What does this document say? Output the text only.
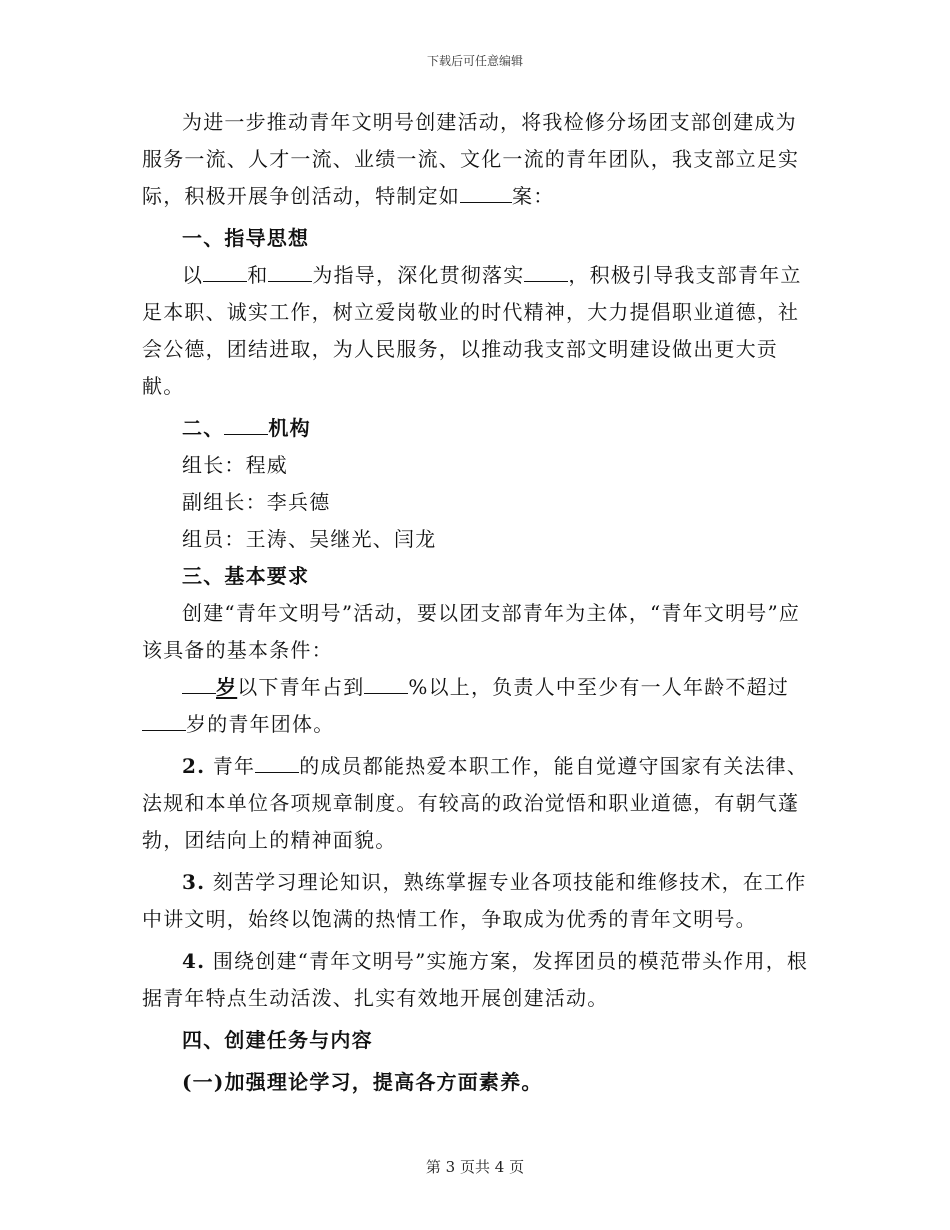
下载后可任意编辑

为进一步推动青年文明号创建活动，将我检修分场团支部创建成为服务一流、人才一流、业绩一流、文化一流的青年团队，我支部立足实际，积极开展争创活动，特制定如	案：

一、指导思想

以 和 为指导，深化贯彻落实 ，积极引导我支部青年立足本职、诚实工作，树立爱岗敬业的时代精神，大力提倡职业道德，社会公德，团结进取，为人民服务，以推动我支部文明建设做出更大贡献。

二、 机构

组长：程威

副组长：李兵德

组员：王涛、吴继光、闫龙

三、基本要求

创建“青年文明号”活动，要以团支部青年为主体，“青年文明号”应该具备的基本条件：

岁以下青年占到 %以上，负责人中至少有一人年龄不超过岁的青年团体。

2. 青年 的成员都能热爱本职工作，能自觉遵守国家有关法律、法规和本单位各项规章制度。有较高的政治觉悟和职业道德，有朝气蓬勃，团结向上的精神面貌。

3. 刻苦学习理论知识，熟练掌握专业各项技能和维修技术，在工作中讲文明，始终以饱满的热情工作，争取成为优秀的青年文明号。

4. 围绕创建“青年文明号”实施方案，发挥团员的模范带头作用，根据青年特点生动活泼、扎实有效地开展创建活动。

四、创建任务与内容

(一)加强理论学习，提高各方面素养。

第 3 页共 4 页
